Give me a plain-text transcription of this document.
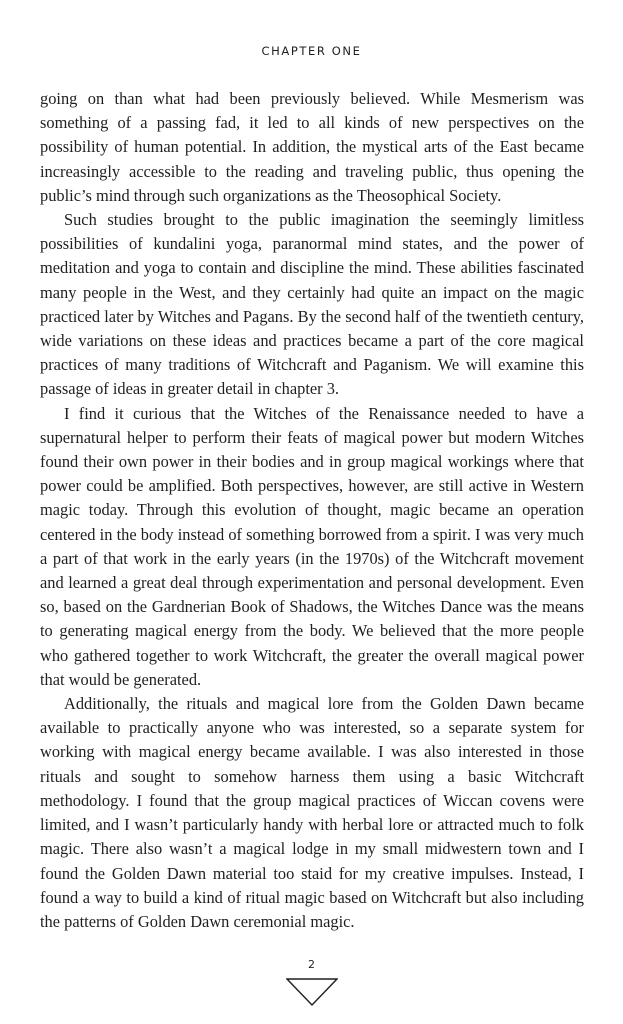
CHAPTER ONE

going on than what had been previously believed. While Mesmerism was something of a passing fad, it led to all kinds of new perspectives on the possibility of human potential. In addition, the mystical arts of the East became increasingly accessible to the reading and traveling public, thus opening the public’s mind through such organizations as the Theosophical Society.

Such studies brought to the public imagination the seemingly limitless possibilities of kundalini yoga, paranormal mind states, and the power of meditation and yoga to contain and discipline the mind. These abilities fascinated many people in the West, and they certainly had quite an impact on the magic practiced later by Witches and Pagans. By the second half of the twentieth century, wide variations on these ideas and practices became a part of the core magical practices of many traditions of Witchcraft and Paganism. We will examine this passage of ideas in greater detail in chapter 3.

I find it curious that the Witches of the Renaissance needed to have a supernatural helper to perform their feats of magical power but modern Witches found their own power in their bodies and in group magical workings where that power could be amplified. Both perspectives, however, are still active in Western magic today. Through this evolution of thought, magic became an operation centered in the body instead of something borrowed from a spirit. I was very much a part of that work in the early years (in the 1970s) of the Witchcraft movement and learned a great deal through experimentation and personal development. Even so, based on the Gardnerian Book of Shadows, the Witches Dance was the means to generating magical energy from the body. We believed that the more people who gathered together to work Witchcraft, the greater the overall magical power that would be generated.

Additionally, the rituals and magical lore from the Golden Dawn became available to practically anyone who was interested, so a separate system for working with magical energy became available. I was also interested in those rituals and sought to somehow harness them using a basic Witchcraft methodology. I found that the group magical practices of Wiccan covens were limited, and I wasn’t particularly handy with herbal lore or attracted much to folk magic. There also wasn’t a magical lodge in my small midwestern town and I found the Golden Dawn material too staid for my creative impulses. Instead, I found a way to build a kind of ritual magic based on Witchcraft but also including the patterns of Golden Dawn ceremonial magic.

2
